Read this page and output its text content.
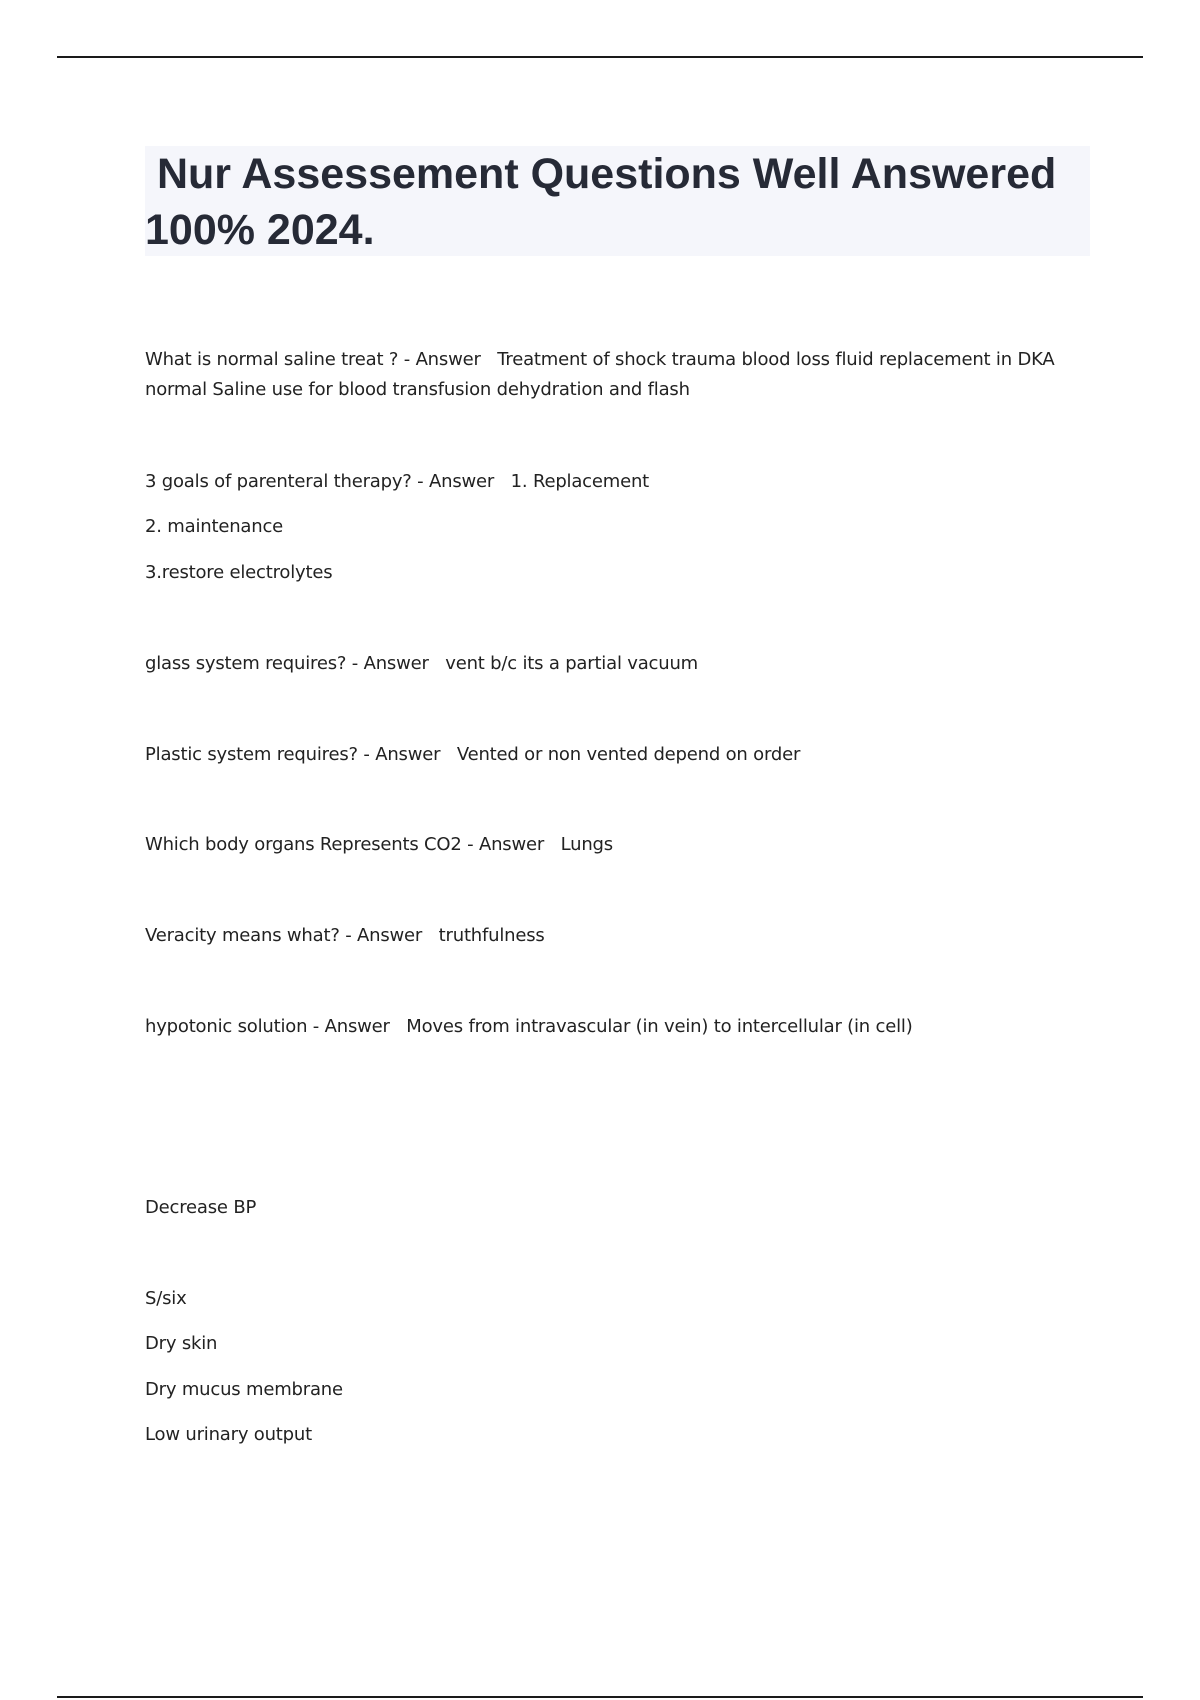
Nur Assessement Questions Well Answered 100% 2024.

What is normal saline treat ? - Answer   Treatment of shock trauma blood loss fluid replacement in DKA normal Saline use for blood transfusion dehydration and flash

3 goals of parenteral therapy? - Answer   1. Replacement

2. maintenance

3.restore electrolytes

glass system requires? - Answer   vent b/c its a partial vacuum

Plastic system requires? - Answer   Vented or non vented depend on order

Which body organs Represents CO2 - Answer   Lungs

Veracity means what? - Answer   truthfulness

hypotonic solution - Answer   Moves from intravascular (in vein) to intercellular (in cell)

Decrease BP

S/six

Dry skin

Dry mucus membrane

Low urinary output
